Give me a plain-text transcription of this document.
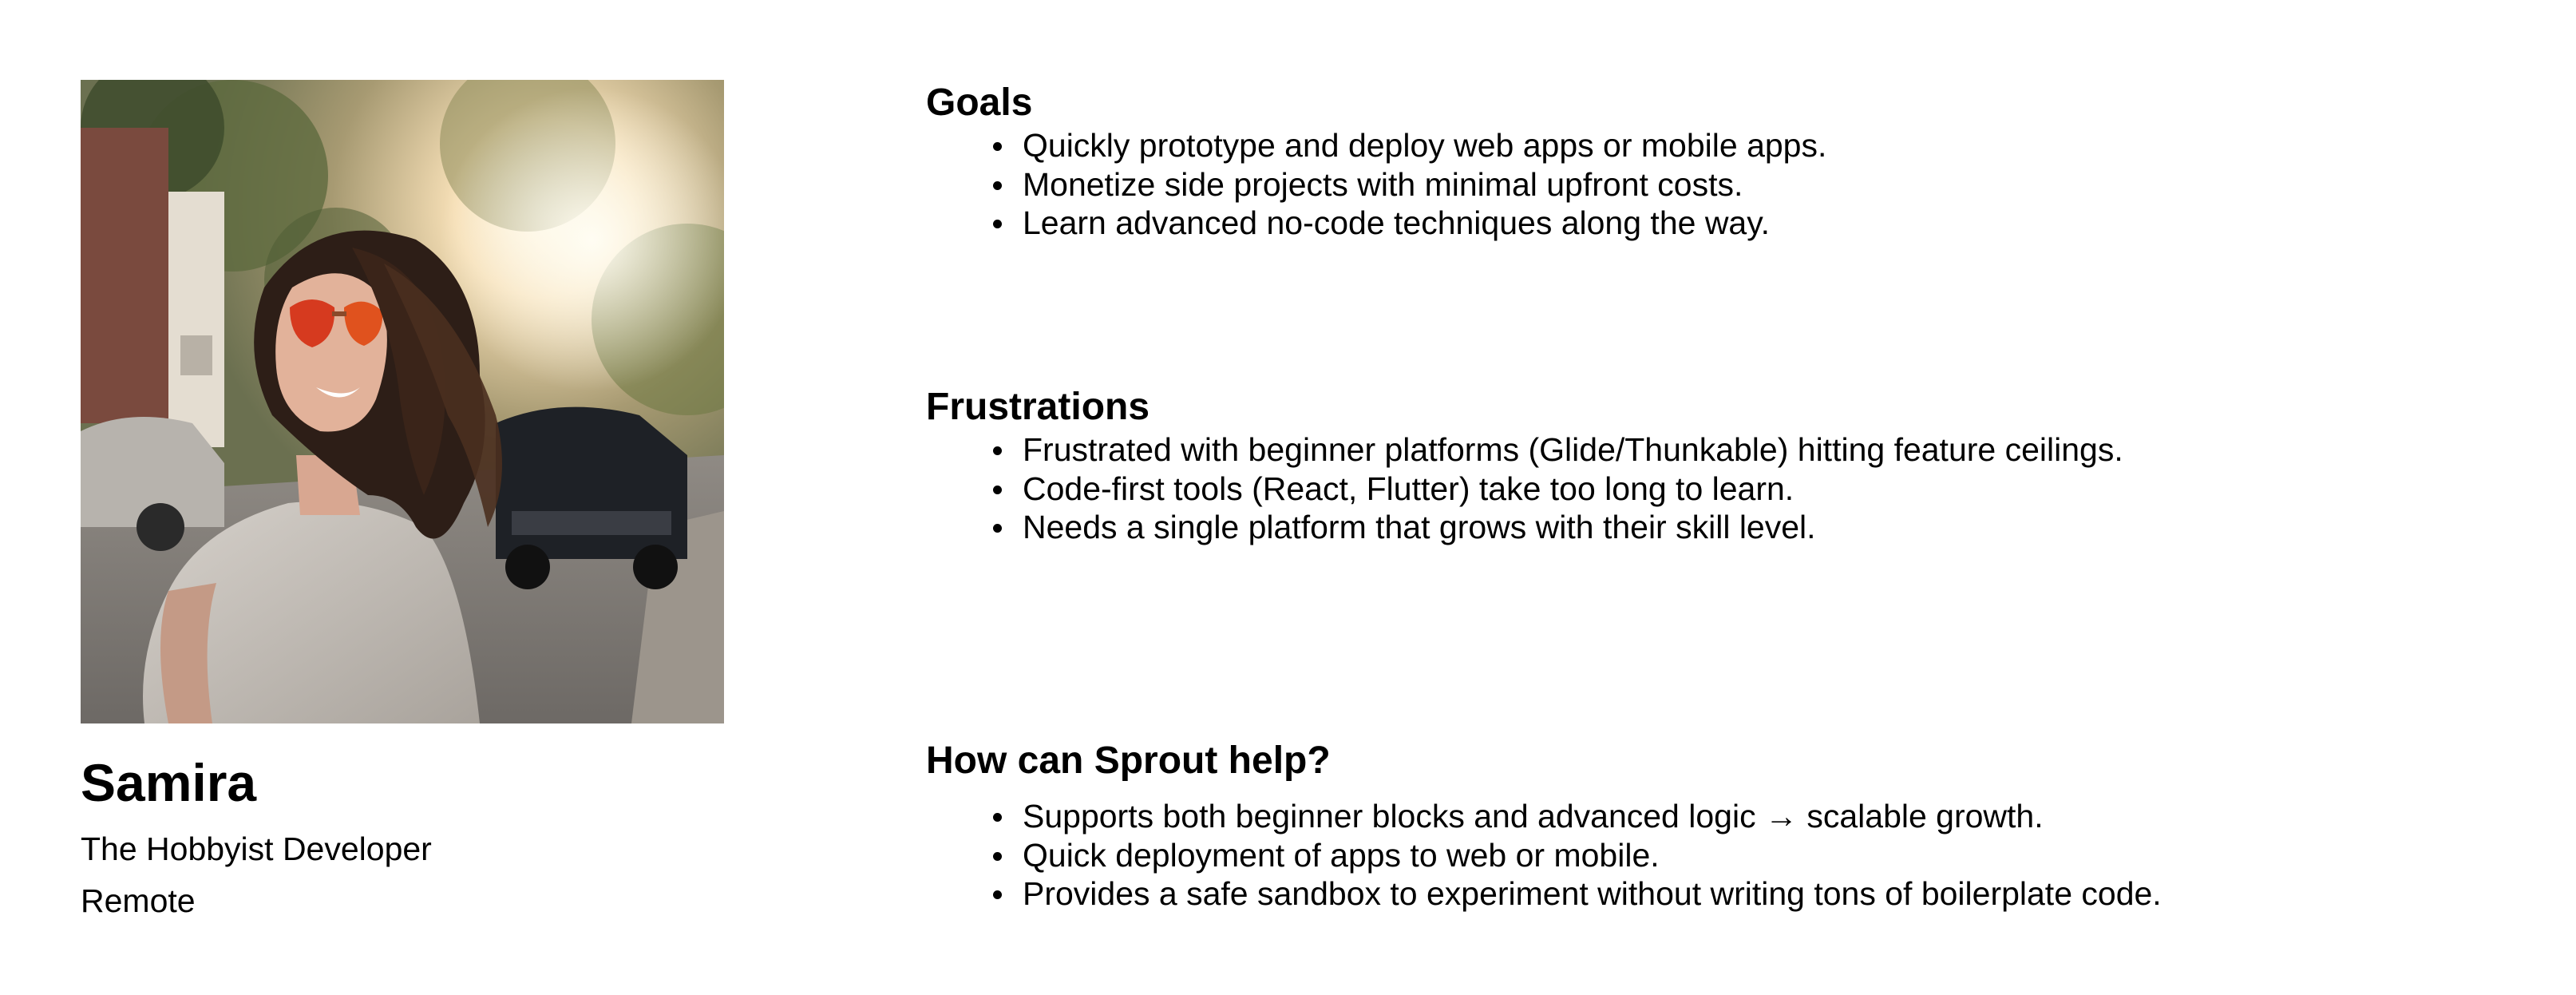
Samira

The Hobbyist Developer

Remote

Goals
Quickly prototype and deploy web apps or mobile apps.
Monetize side projects with minimal upfront costs.
Learn advanced no-code techniques along the way.
Frustrations
Frustrated with beginner platforms (Glide/Thunkable) hitting feature ceilings.
Code-first tools (React, Flutter) take too long to learn.
Needs a single platform that grows with their skill level.
How can Sprout help?
Supports both beginner blocks and advanced logic → scalable growth.
Quick deployment of apps to web or mobile.
Provides a safe sandbox to experiment without writing tons of boilerplate code.
